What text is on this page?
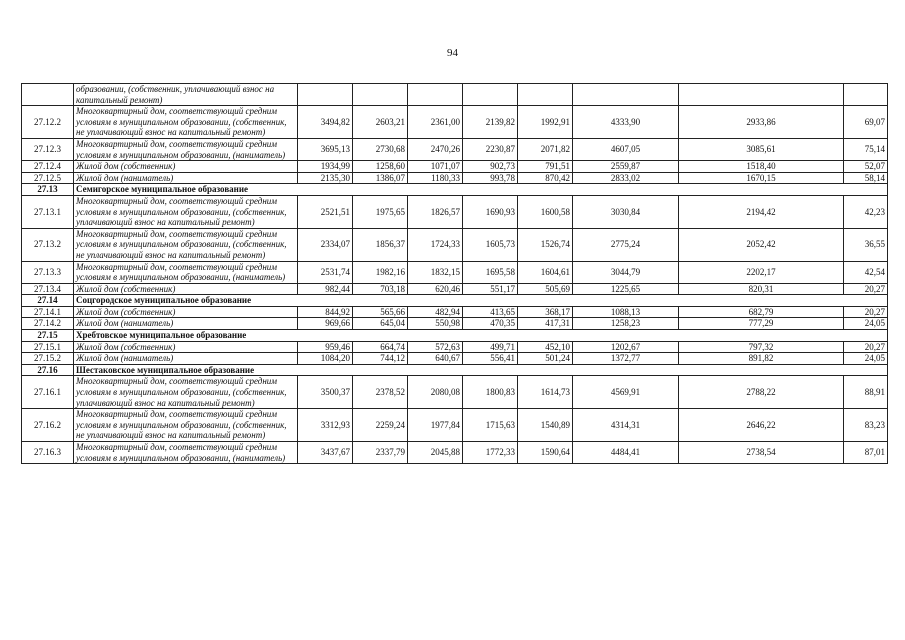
94
	образовании, (собственник, уплачивающий взнос на капитальный ремонт)								
27.12.2	Многоквартирный дом, соответствующий средним условиям в муниципальном образовании, (собственник, не уплачивающий взнос на капитальный ремонт)	3494,82	2603,21	2361,00	2139,82	1992,91	4333,90	2933,86	69,07
27.12.3	Многоквартирный дом, соответствующий средним условиям в муниципальном образовании, (наниматель)	3695,13	2730,68	2470,26	2230,87	2071,82	4607,05	3085,61	75,14
27.12.4	Жилой дом (собственник)	1934,99	1258,60	1071,07	902,73	791,51	2559,87	1518,40	52,07
27.12.5	Жилой дом (наниматель)	2135,30	1386,07	1180,33	993,78	870,42	2833,02	1670,15	58,14
27.13	Семигорское муниципальное образование								
27.13.1	Многоквартирный дом, соответствующий средним условиям в муниципальном образовании, (собственник, уплачивающий взнос на капитальный ремонт)	2521,51	1975,65	1826,57	1690,93	1600,58	3030,84	2194,42	42,23
27.13.2	Многоквартирный дом, соответствующий средним условиям в муниципальном образовании, (собственник, не уплачивающий взнос на капитальный ремонт)	2334,07	1856,37	1724,33	1605,73	1526,74	2775,24	2052,42	36,55
27.13.3	Многоквартирный дом, соответствующий средним условиям в муниципальном образовании, (наниматель)	2531,74	1982,16	1832,15	1695,58	1604,61	3044,79	2202,17	42,54
27.13.4	Жилой дом (собственник)	982,44	703,18	620,46	551,17	505,69	1225,65	820,31	20,27
27.14	Соцгородское муниципальное образование								
27.14.1	Жилой дом (собственник)	844,92	565,66	482,94	413,65	368,17	1088,13	682,79	20,27
27.14.2	Жилой дом (наниматель)	969,66	645,04	550,98	470,35	417,31	1258,23	777,29	24,05
27.15	Хребтовское муниципальное образование								
27.15.1	Жилой дом (собственник)	959,46	664,74	572,63	499,71	452,10	1202,67	797,32	20,27
27.15.2	Жилой дом (наниматель)	1084,20	744,12	640,67	556,41	501,24	1372,77	891,82	24,05
27.16	Шестаковское муниципальное образование								
27.16.1	Многоквартирный дом, соответствующий средним условиям в муниципальном образовании, (собственник, уплачивающий взнос на капитальный ремонт)	3500,37	2378,52	2080,08	1800,83	1614,73	4569,91	2788,22	88,91
27.16.2	Многоквартирный дом, соответствующий средним условиям в муниципальном образовании, (собственник, не уплачивающий взнос на капитальный ремонт)	3312,93	2259,24	1977,84	1715,63	1540,89	4314,31	2646,22	83,23
27.16.3	Многоквартирный дом, соответствующий средним условиям в муниципальном образовании, (наниматель)	3437,67	2337,79	2045,88	1772,33	1590,64	4484,41	2738,54	87,01
